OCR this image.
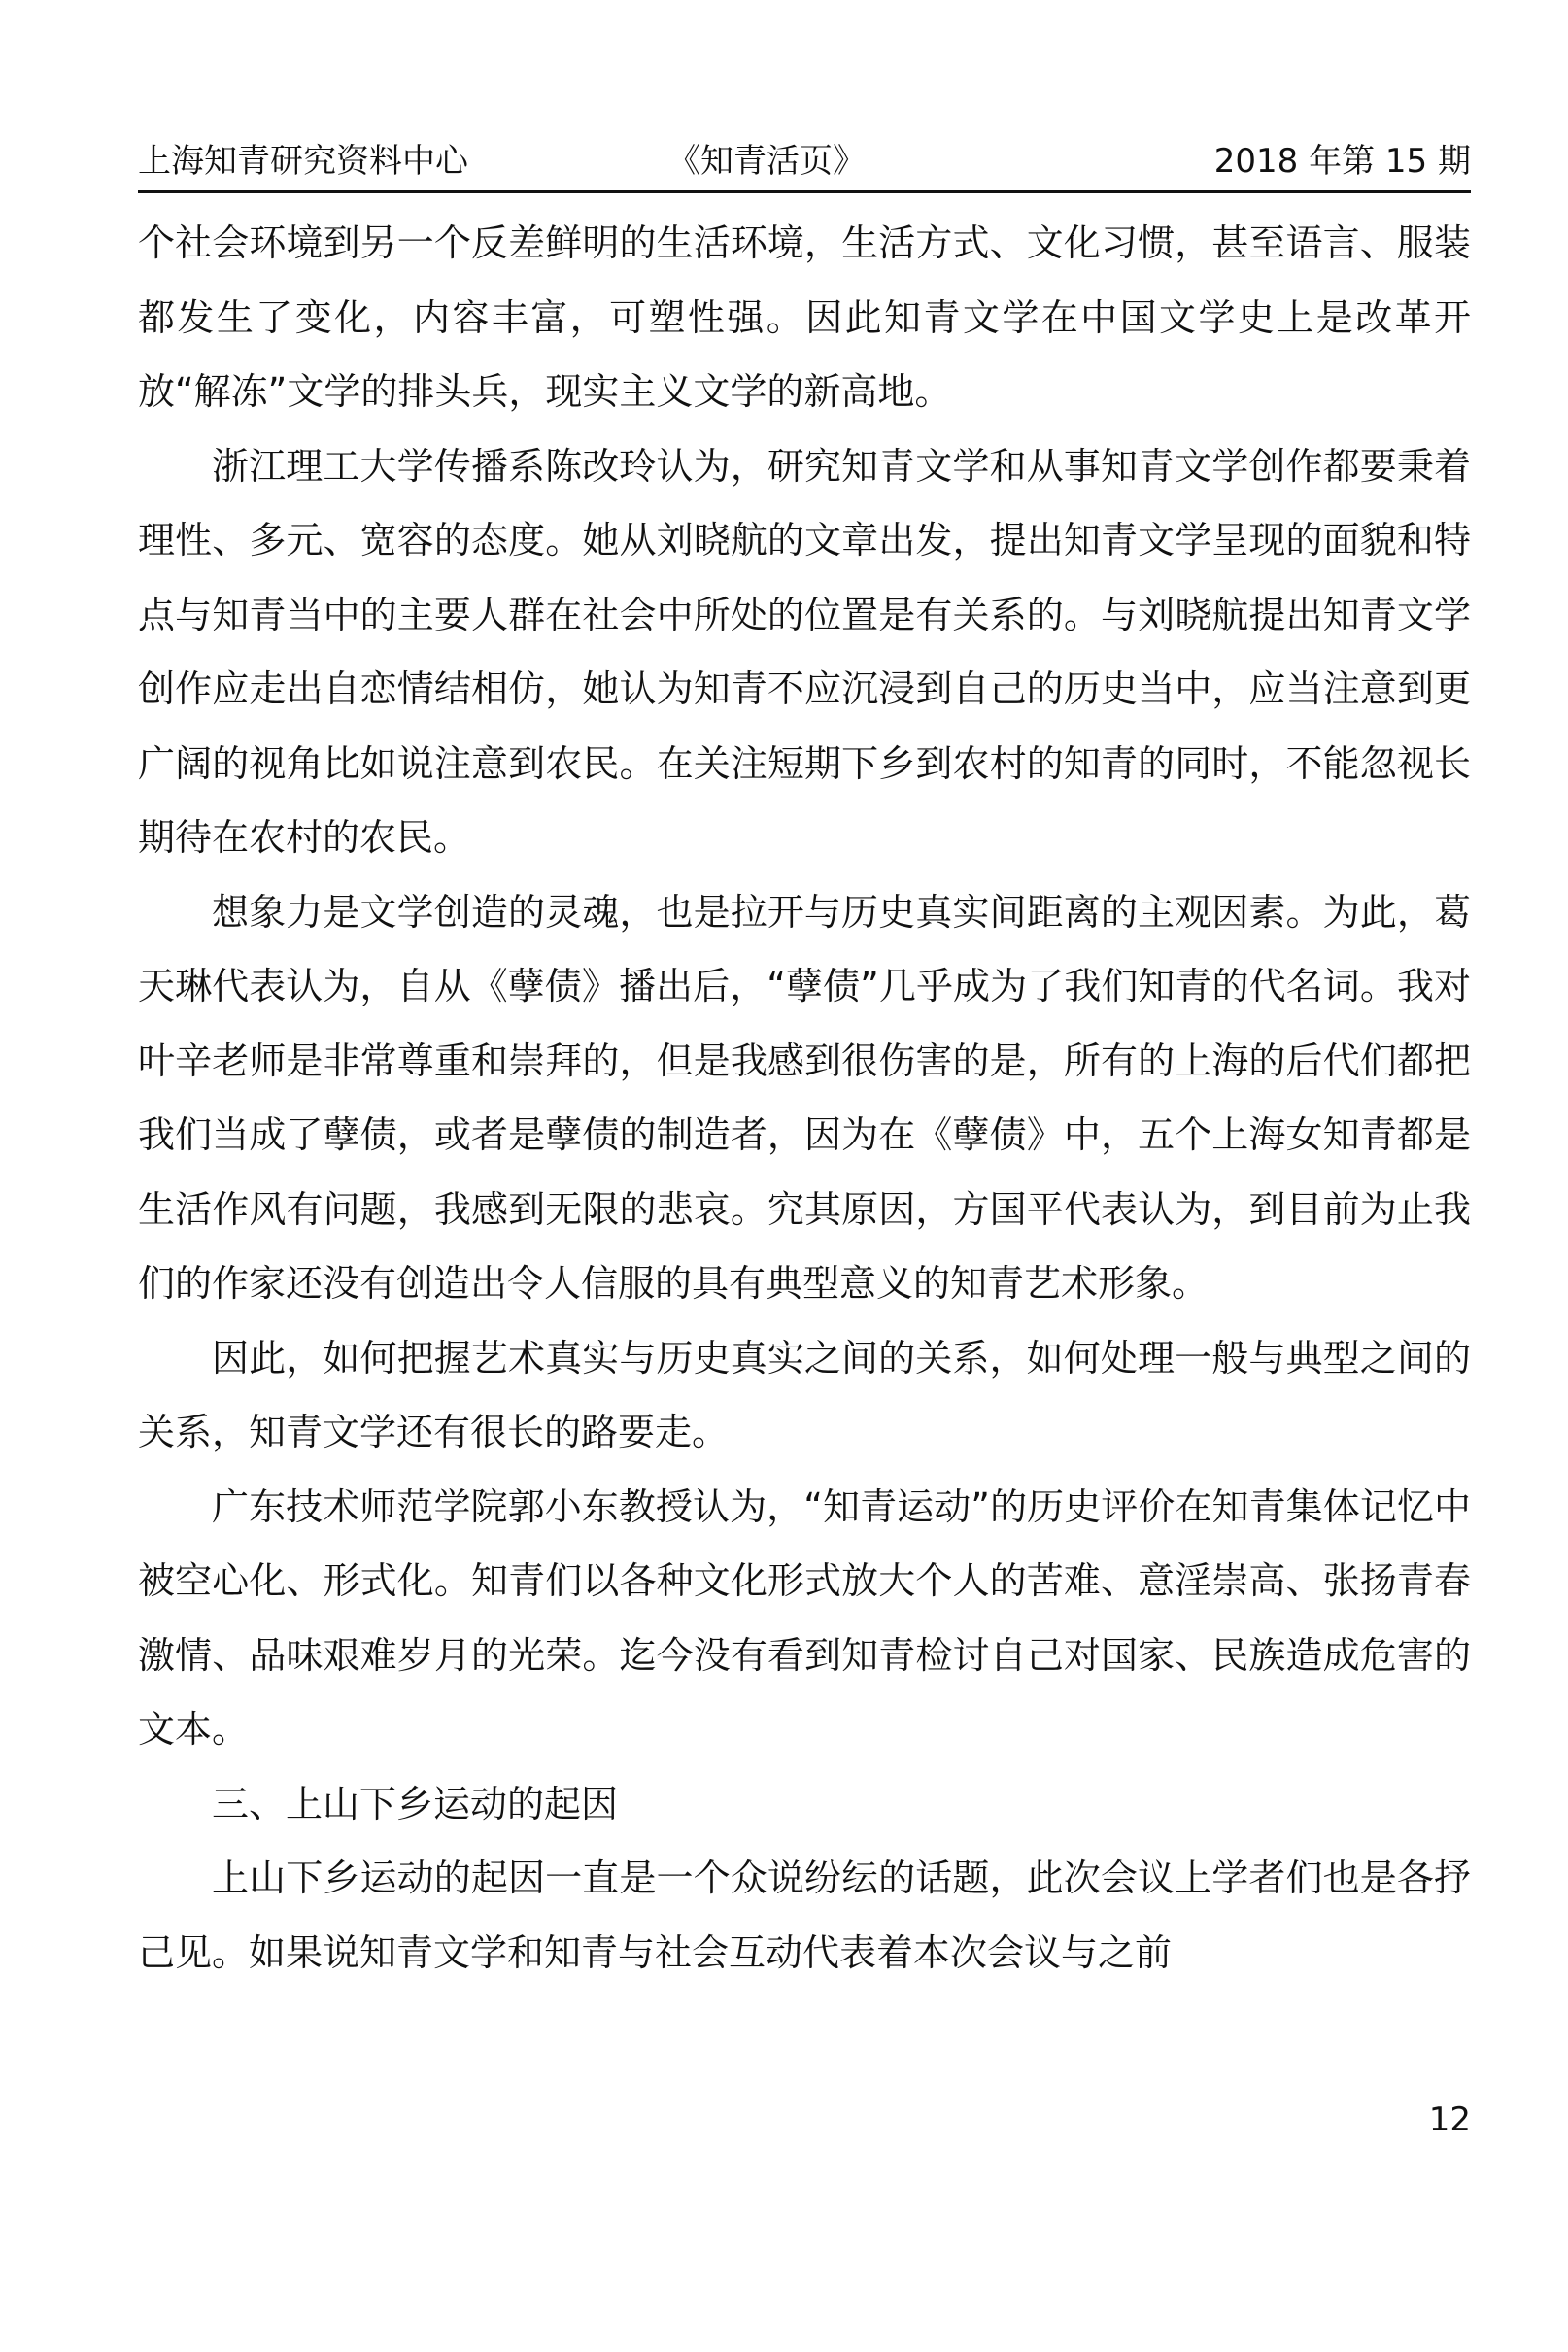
上海知青研究资料中心	《知青活页》	2018 年第 15 期

个社会环境到另一个反差鲜明的生活环境，生活方式、文化习惯，甚至语言、服装都发生了变化，内容丰富，可塑性强。因此知青文学在中国文学史上是改革开放“解冻”文学的排头兵，现实主义文学的新高地。

浙江理工大学传播系陈改玲认为，研究知青文学和从事知青文学创作都要秉着理性、多元、宽容的态度。她从刘晓航的文章出发，提出知青文学呈现的面貌和特点与知青当中的主要人群在社会中所处的位置是有关系的。与刘晓航提出知青文学创作应走出自恋情结相仿，她认为知青不应沉浸到自己的历史当中，应当注意到更广阔的视角比如说注意到农民。在关注短期下乡到农村的知青的同时，不能忽视长期待在农村的农民。

想象力是文学创造的灵魂，也是拉开与历史真实间距离的主观因素。为此，葛天琳代表认为，自从《孽债》播出后，“孽债”几乎成为了我们知青的代名词。我对叶辛老师是非常尊重和崇拜的，但是我感到很伤害的是，所有的上海的后代们都把我们当成了孽债，或者是孽债的制造者，因为在《孽债》中，五个上海女知青都是生活作风有问题，我感到无限的悲哀。究其原因，方国平代表认为，到目前为止我们的作家还没有创造出令人信服的具有典型意义的知青艺术形象。

因此，如何把握艺术真实与历史真实之间的关系，如何处理一般与典型之间的关系，知青文学还有很长的路要走。

广东技术师范学院郭小东教授认为，“知青运动”的历史评价在知青集体记忆中被空心化、形式化。知青们以各种文化形式放大个人的苦难、意淫崇高、张扬青春激情、品味艰难岁月的光荣。迄今没有看到知青检讨自己对国家、民族造成危害的文本。

三、上山下乡运动的起因

上山下乡运动的起因一直是一个众说纷纭的话题，此次会议上学者们也是各抒己见。如果说知青文学和知青与社会互动代表着本次会议与之前

12
